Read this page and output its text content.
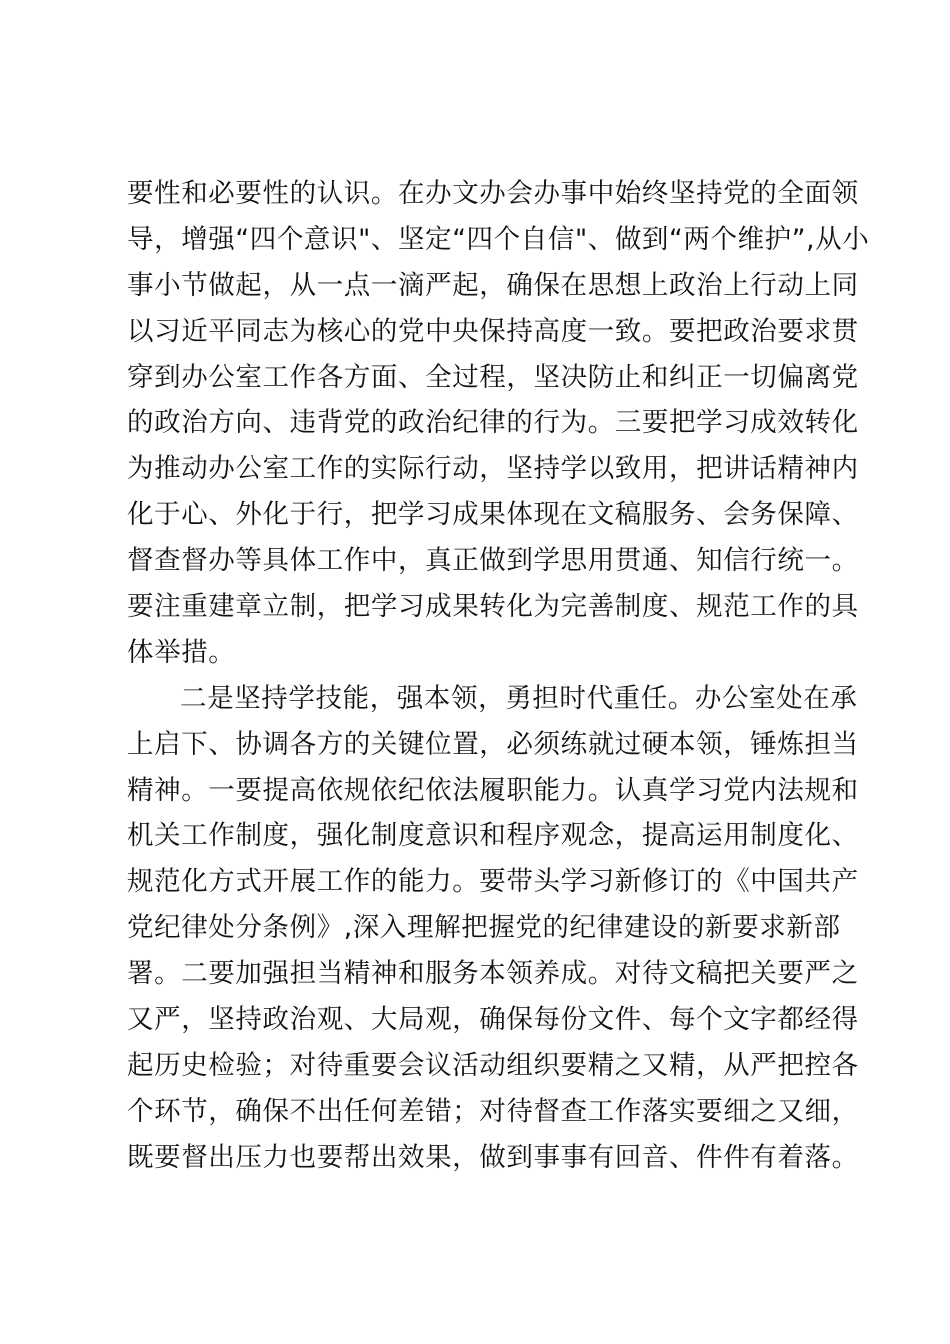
要性和必要性的认识。在办文办会办事中始终坚持党的全面领
导，增强“四个意识"、坚定“四个自信"、做到“两个维护”,从小
事小节做起，从一点一滴严起，确保在思想上政治上行动上同
以习近平同志为核心的党中央保持高度一致。要把政治要求贯
穿到办公室工作各方面、全过程，坚决防止和纠正一切偏离党
的政治方向、违背党的政治纪律的行为。三要把学习成效转化
为推动办公室工作的实际行动，坚持学以致用，把讲话精神内
化于心、外化于行，把学习成果体现在文稿服务、会务保障、
督查督办等具体工作中，真正做到学思用贯通、知信行统一。
要注重建章立制，把学习成果转化为完善制度、规范工作的具
体举措。
二是坚持学技能，强本领，勇担时代重任。办公室处在承
上启下、协调各方的关键位置，必须练就过硬本领，锤炼担当
精神。一要提高依规依纪依法履职能力。认真学习党内法规和
机关工作制度，强化制度意识和程序观念，提高运用制度化、
规范化方式开展工作的能力。要带头学习新修订的《中国共产
党纪律处分条例》,深入理解把握党的纪律建设的新要求新部
署。二要加强担当精神和服务本领养成。对待文稿把关要严之
又严，坚持政治观、大局观，确保每份文件、每个文字都经得
起历史检验；对待重要会议活动组织要精之又精，从严把控各
个环节，确保不出任何差错；对待督查工作落实要细之又细，
既要督出压力也要帮出效果，做到事事有回音、件件有着落。
